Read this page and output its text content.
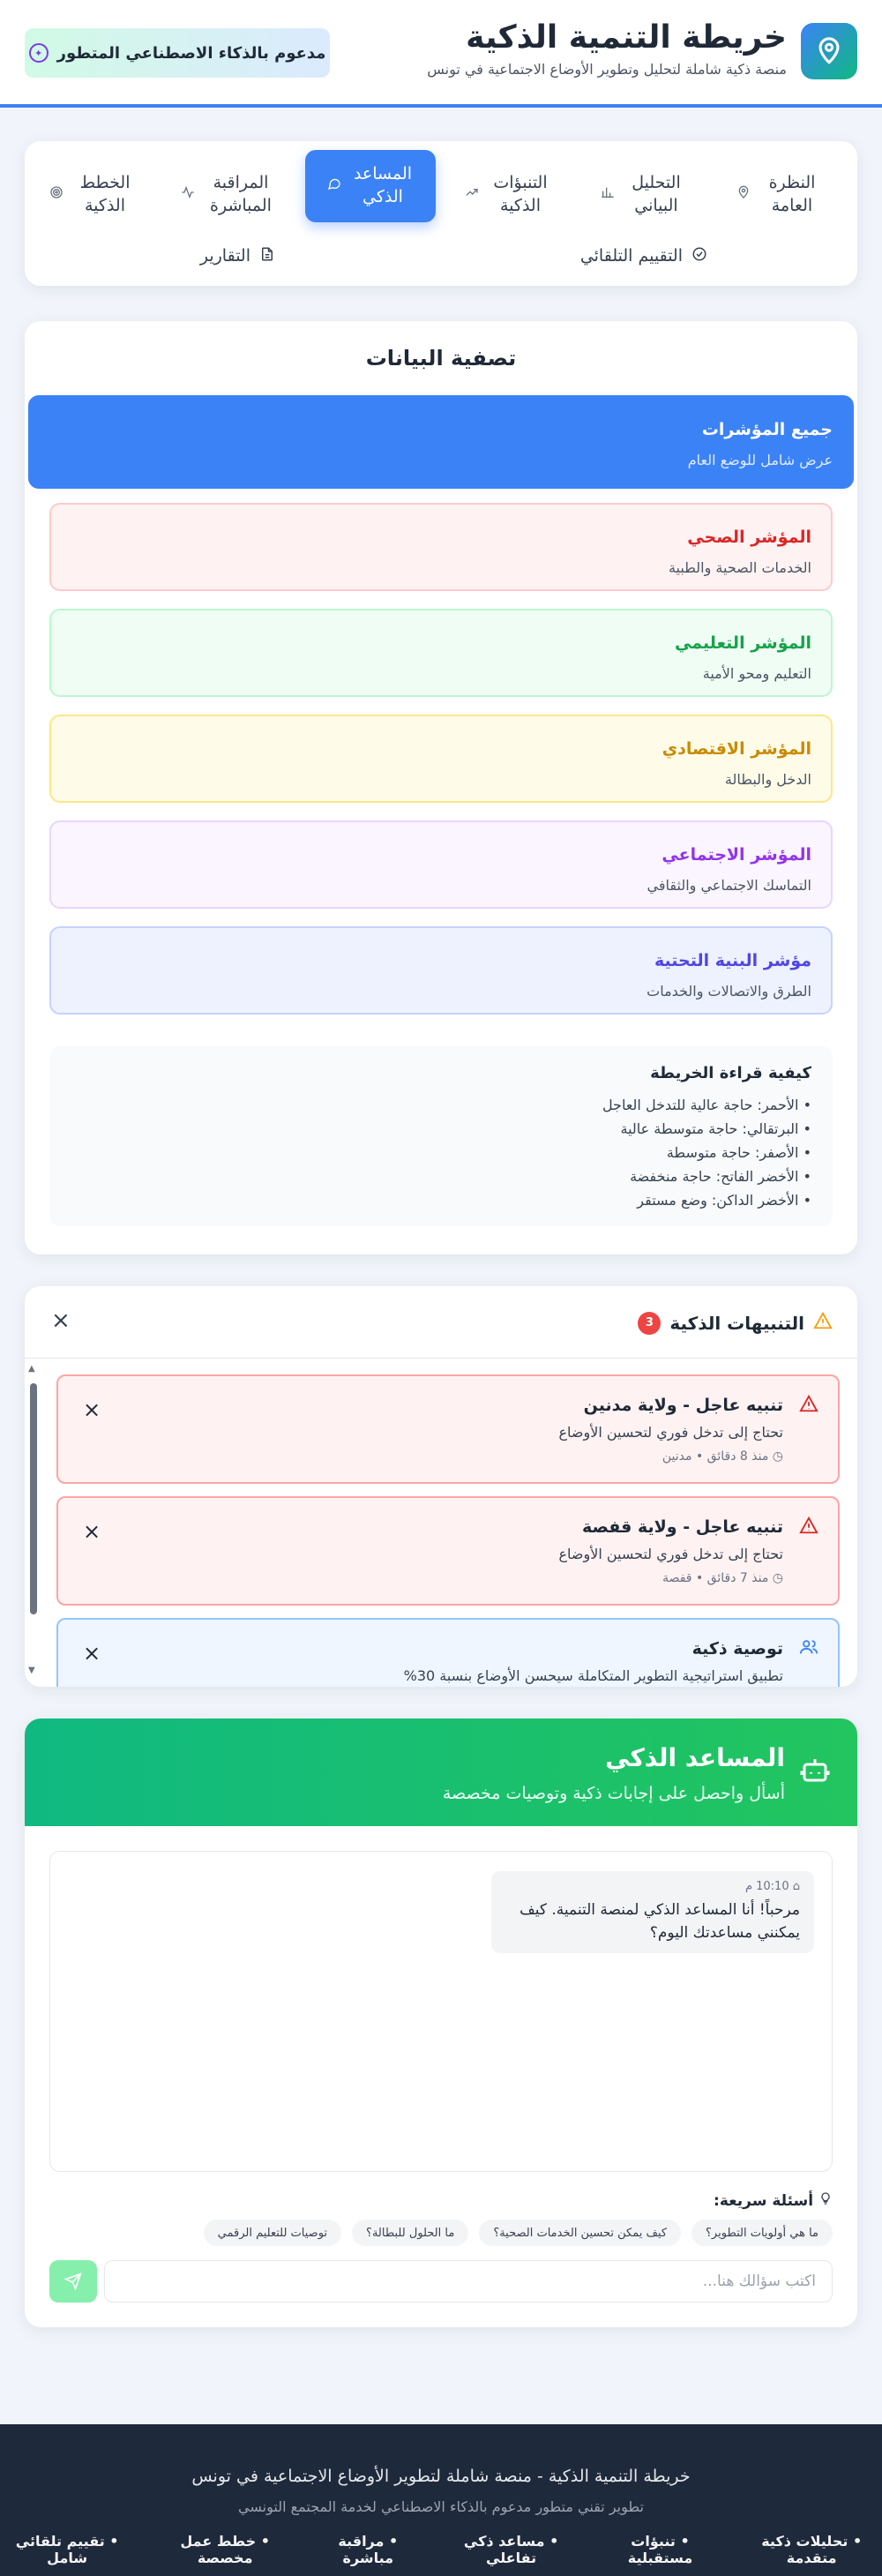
خريطة التنمية الذكية
منصة ذكية شاملة لتحليل وتطوير الأوضاع الاجتماعية في تونس
مدعوم بالذكاء الاصطناعي المتطور
✦
النظرة العامة
التحليل البياني
التنبؤات الذكية
المساعد الذكي
المراقبة المباشرة
الخطط الذكية
التقييم التلقائي
التقارير
تصفية البيانات
جميع المؤشرات
عرض شامل للوضع العام
المؤشر الصحي
الخدمات الصحية والطبية
المؤشر التعليمي
التعليم ومحو الأمية
المؤشر الاقتصادي
الدخل والبطالة
المؤشر الاجتماعي
التماسك الاجتماعي والثقافي
مؤشر البنية التحتية
الطرق والاتصالات والخدمات
كيفية قراءة الخريطة
• الأحمر: حاجة عالية للتدخل العاجل
• البرتقالي: حاجة متوسطة عالية
• الأصفر: حاجة متوسطة
• الأخضر الفاتح: حاجة منخفضة
• الأخضر الداكن: وضع مستقر
التنبيهات الذكية
3
×
تنبيه عاجل - ولاية مدنين
تحتاج إلى تدخل فوري لتحسين الأوضاع
◷ منذ 8 دقائق • مدنين
×
تنبيه عاجل - ولاية قفصة
تحتاج إلى تدخل فوري لتحسين الأوضاع
◷ منذ 7 دقائق • قفصة
×
توصية ذكية
تطبيق استراتيجية التطوير المتكاملة سيحسن الأوضاع بنسبة 30%
×
▲
▼
المساعد الذكي
أسأل واحصل على إجابات ذكية وتوصيات مخصصة
⌂ 10:10 م
مرحباً! أنا المساعد الذكي لمنصة التنمية. كيف يمكنني مساعدتك اليوم؟
أسئلة سريعة:
ما هي أولويات التطوير؟
كيف يمكن تحسين الخدمات الصحية؟
ما الحلول للبطالة؟
توصيات للتعليم الرقمي
اكتب سؤالك هنا...
خريطة التنمية الذكية - منصة شاملة لتطوير الأوضاع الاجتماعية في تونس
تطوير تقني متطور مدعوم بالذكاء الاصطناعي لخدمة المجتمع التونسي
• تحليلات ذكية متقدمة
• تنبؤات مستقبلية
• مساعد ذكي تفاعلي
• مراقبة مباشرة
• خطط عمل مخصصة
• تقييم تلقائي شامل
